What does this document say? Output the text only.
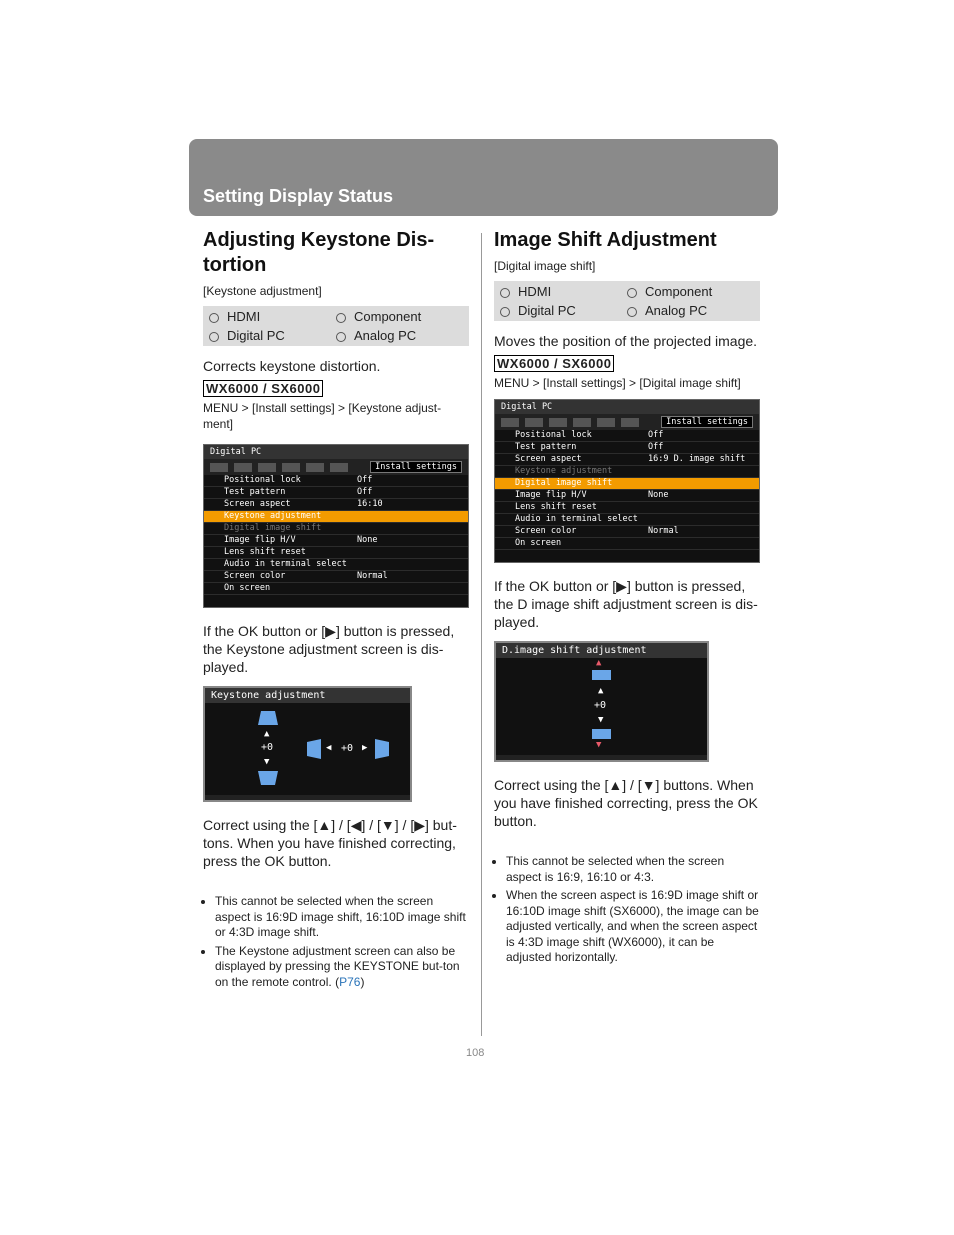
Setting Display Status
Adjusting Keystone Dis-
tortion
[Keystone adjustment]
HDMI	Component
Digital PC	Analog PC
Corrects keystone distortion.
WX6000 / SX6000
MENU > [Install settings] > [Keystone adjust-ment]
Digital PC
Install settings
Positional lock	Off
Test pattern	Off
Screen aspect	16:10
Keystone adjustment
Digital image shift
Image flip H/V	None
Lens shift reset
Audio in terminal select
Screen color	Normal
On screen
If the OK button or [▶] button is pressed, the Keystone adjustment screen is dis-played.
Keystone adjustment
▲
+0
▼
◀ +0 ▶
Correct using the [▲] / [◀] / [▼] / [▶] but-tons. When you have finished correcting, press the OK button.
• This cannot be selected when the screen aspect is 16:9D image shift, 16:10D image shift or 4:3D image shift.
• The Keystone adjustment screen can also be displayed by pressing the KEYSTONE but-ton on the remote control. (P76)
Image Shift Adjustment
[Digital image shift]
HDMI	Component
Digital PC	Analog PC
Moves the position of the projected image.
WX6000 / SX6000
MENU > [Install settings] > [Digital image shift]
Digital PC
Install settings
Positional lock	Off
Test pattern	Off
Screen aspect	16:9 D. image shift
Keystone adjustment
Digital image shift
Image flip H/V	None
Lens shift reset
Audio in terminal select
Screen color	Normal
On screen
If the OK button or [▶] button is pressed, the D image shift adjustment screen is dis-played.
D.image shift adjustment
▲
▲
+0
▼
▼
Correct using the [▲] / [▼] buttons. When you have finished correcting, press the OK button.
• This cannot be selected when the screen aspect is 16:9, 16:10 or 4:3.
• When the screen aspect is 16:9D image shift or 16:10D image shift (SX6000), the image can be adjusted vertically, and when the screen aspect is 4:3D image shift (WX6000), it can be adjusted horizontally.
108
